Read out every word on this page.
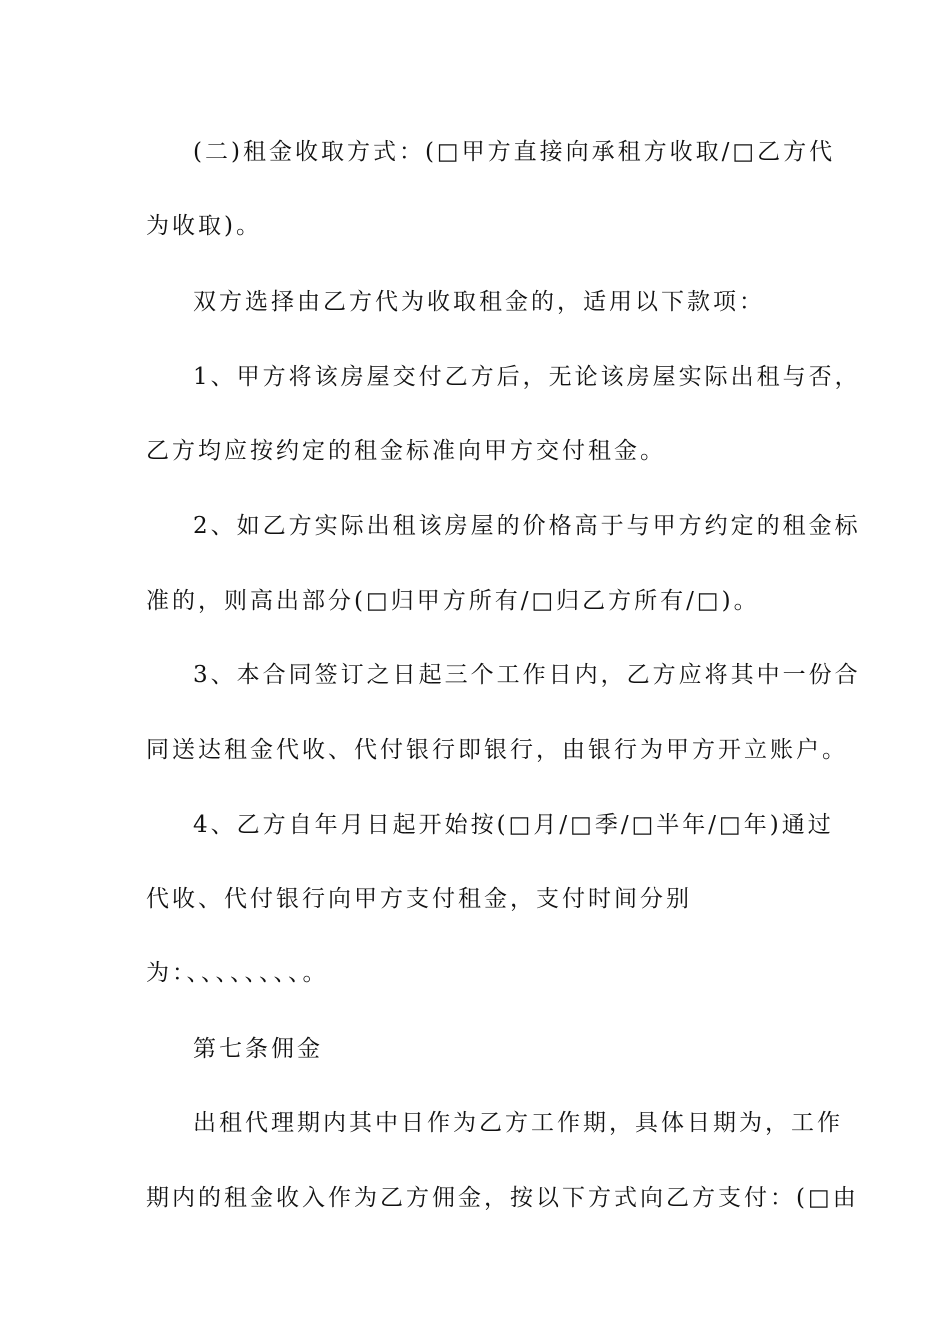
(二)租金收取方式：(□甲方直接向承租方收取/□乙方代
为收取)。
双方选择由乙方代为收取租金的，适用以下款项：
1、甲方将该房屋交付乙方后，无论该房屋实际出租与否，
乙方均应按约定的租金标准向甲方交付租金。
2、如乙方实际出租该房屋的价格高于与甲方约定的租金标
准的，则高出部分(□归甲方所有/□归乙方所有/□)。
3、本合同签订之日起三个工作日内，乙方应将其中一份合
同送达租金代收、代付银行即银行，由银行为甲方开立账户。
4、乙方自年月日起开始按(□月/□季/□半年/□年)通过
代收、代付银行向甲方支付租金，支付时间分别
为：、、、、、、、、。
第七条佣金
出租代理期内其中日作为乙方工作期，具体日期为，工作
期内的租金收入作为乙方佣金，按以下方式向乙方支付：(□由
